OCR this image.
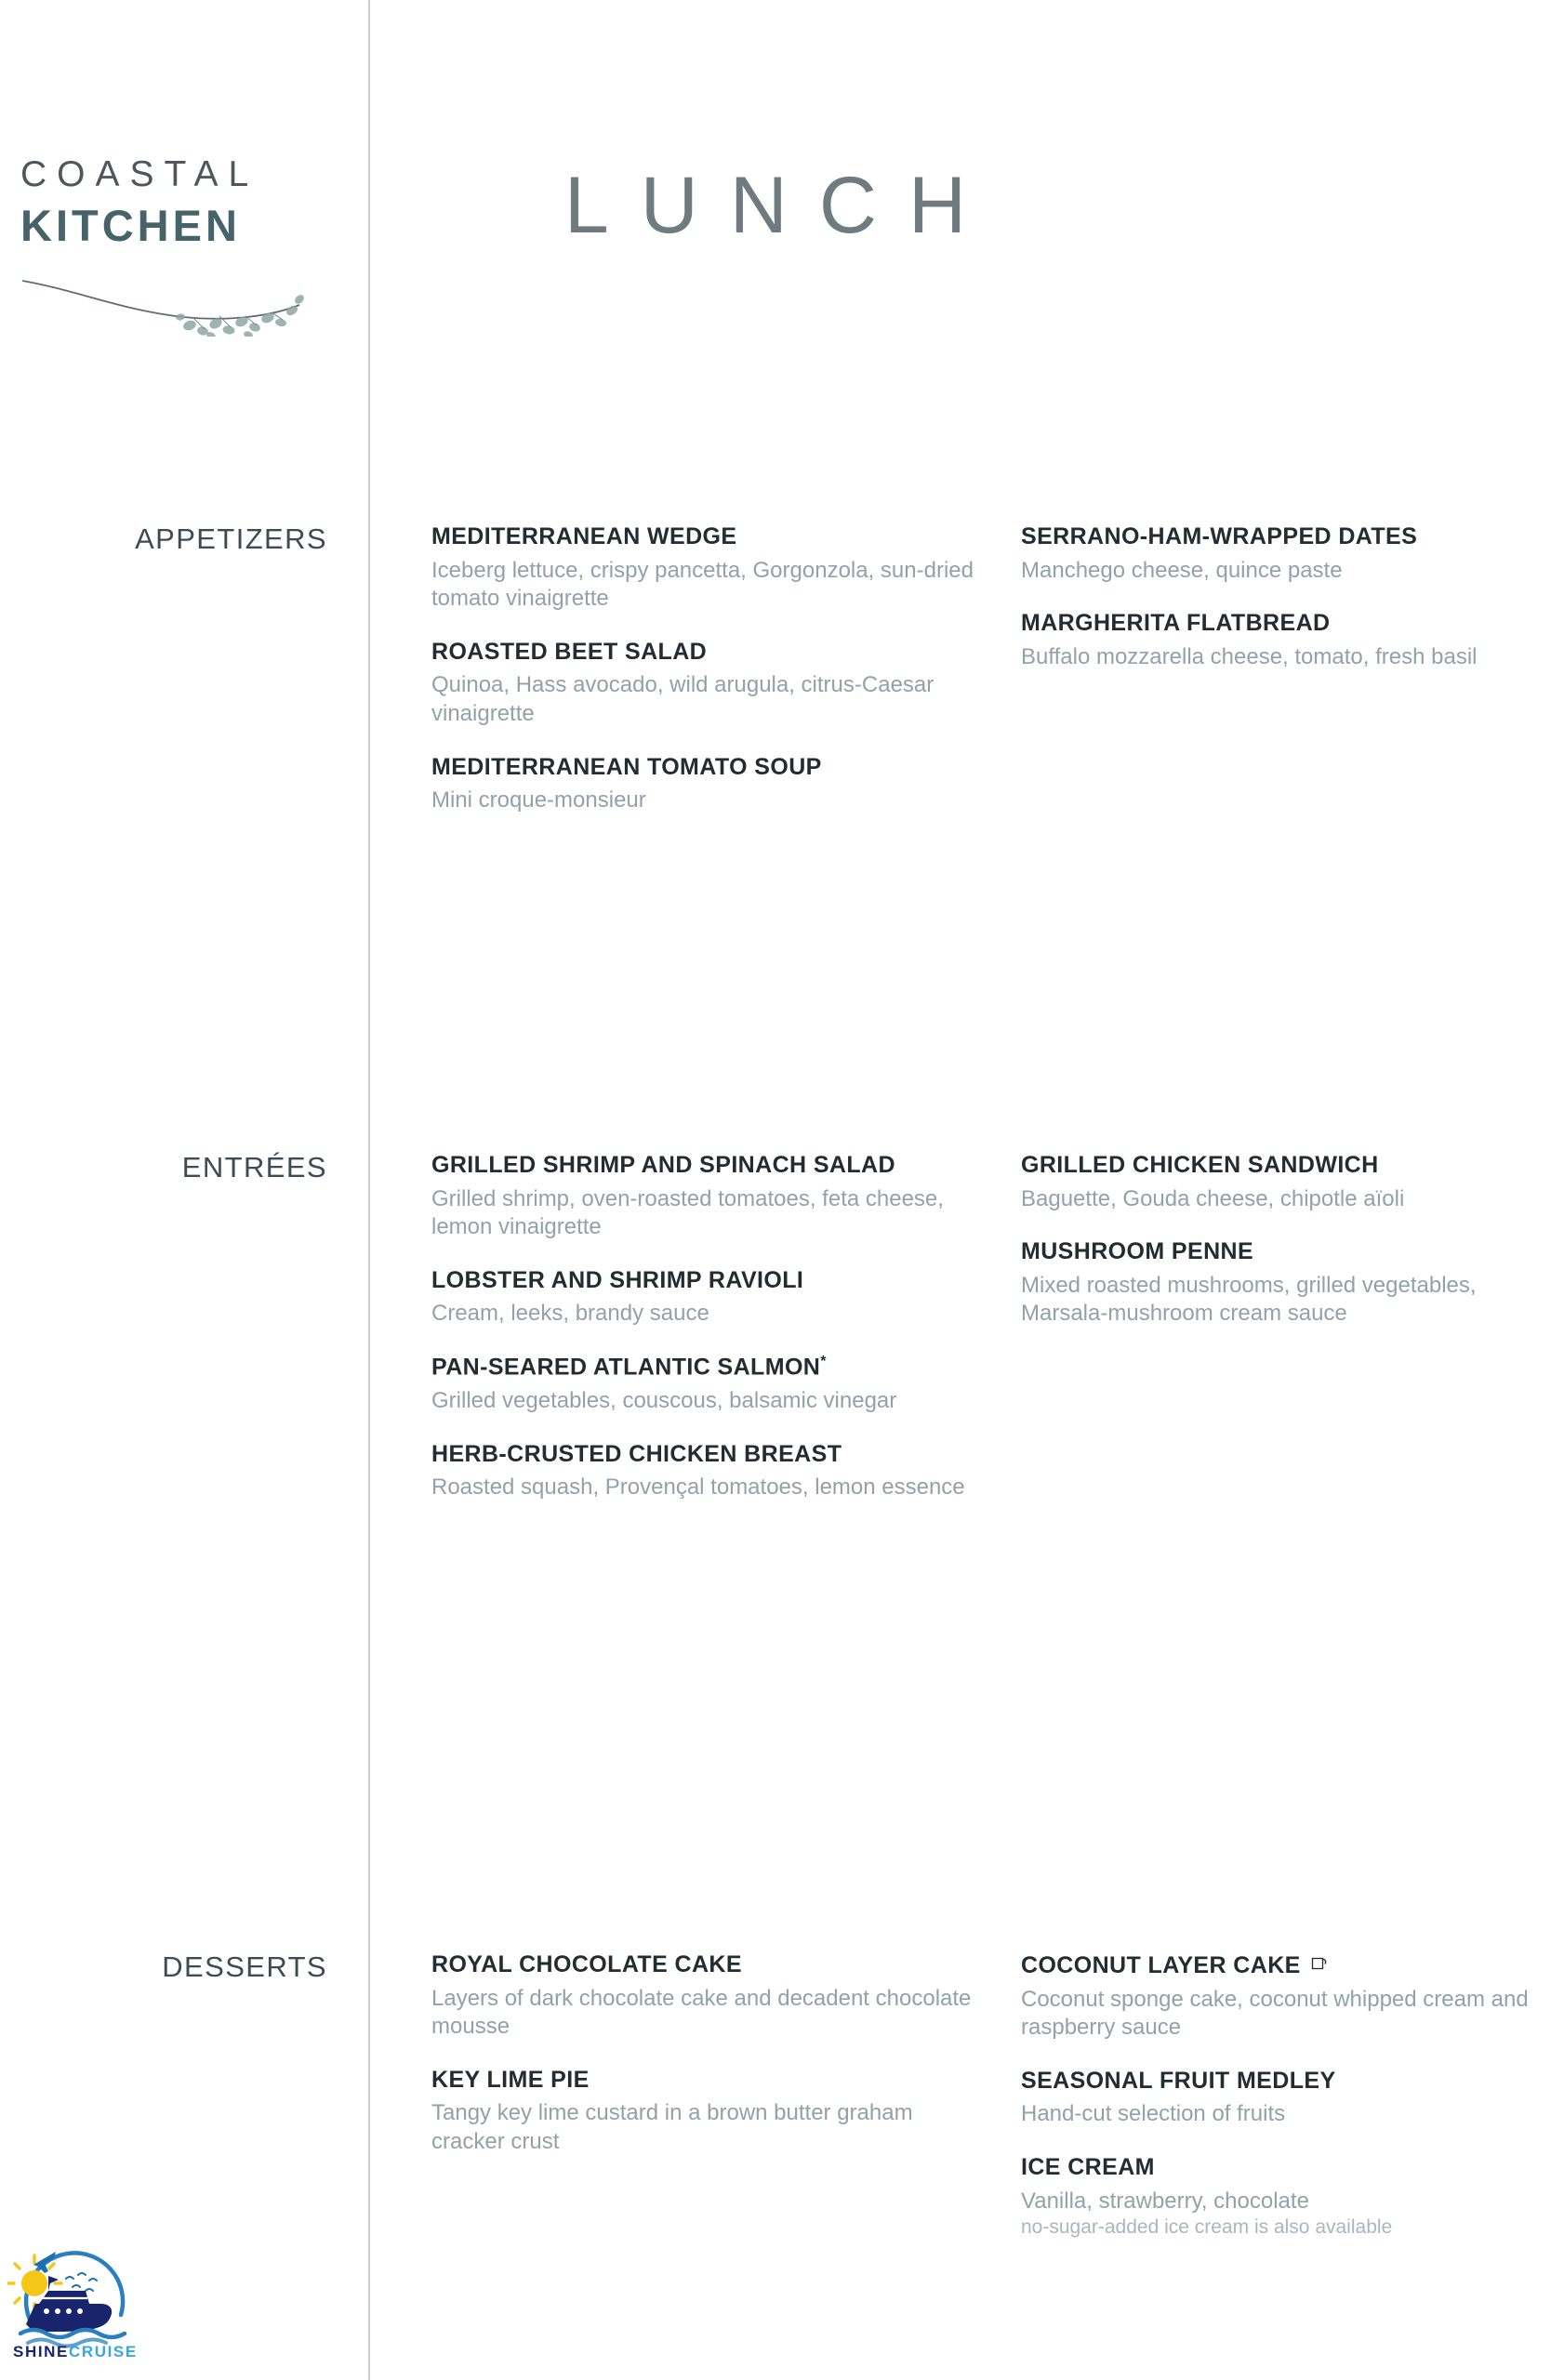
COASTAL
KITCHEN	LUNCH
APPETIZERS	MEDITERRANEAN WEDGE

Iceberg lettuce, crispy pancetta, Gorgonzola, sun-dried tomato vinaigrette

ROASTED BEET SALAD

Quinoa, Hass avocado, wild arugula, citrus-Caesar vinaigrette

MEDITERRANEAN TOMATO SOUP

Mini croque-monsieur

SERRANO-HAM-WRAPPED DATES

Manchego cheese, quince paste

MARGHERITA FLATBREAD

Buffalo mozzarella cheese, tomato, fresh basil

ENTRÉES	GRILLED SHRIMP AND SPINACH SALAD

Grilled shrimp, oven-roasted tomatoes, feta cheese, lemon vinaigrette

LOBSTER AND SHRIMP RAVIOLI

Cream, leeks, brandy sauce

PAN-SEARED ATLANTIC SALMON*

Grilled vegetables, couscous, balsamic vinegar

HERB-CRUSTED CHICKEN BREAST

Roasted squash, Provençal tomatoes, lemon essence

GRILLED CHICKEN SANDWICH

Baguette, Gouda cheese, chipotle aïoli

MUSHROOM PENNE

Mixed roasted mushrooms, grilled vegetables, Marsala-mushroom cream sauce

DESSERTS	ROYAL CHOCOLATE CAKE

Layers of dark chocolate cake and decadent chocolate mousse

KEY LIME PIE

Tangy key lime custard in a brown butter graham cracker crust

COCONUT LAYER CAKE

Coconut sponge cake, coconut whipped cream and raspberry sauce

SEASONAL FRUIT MEDLEY

Hand-cut selection of fruits

ICE CREAM

Vanilla, strawberry, chocolate

no-sugar-added ice cream is also available

SHINECRUISE
